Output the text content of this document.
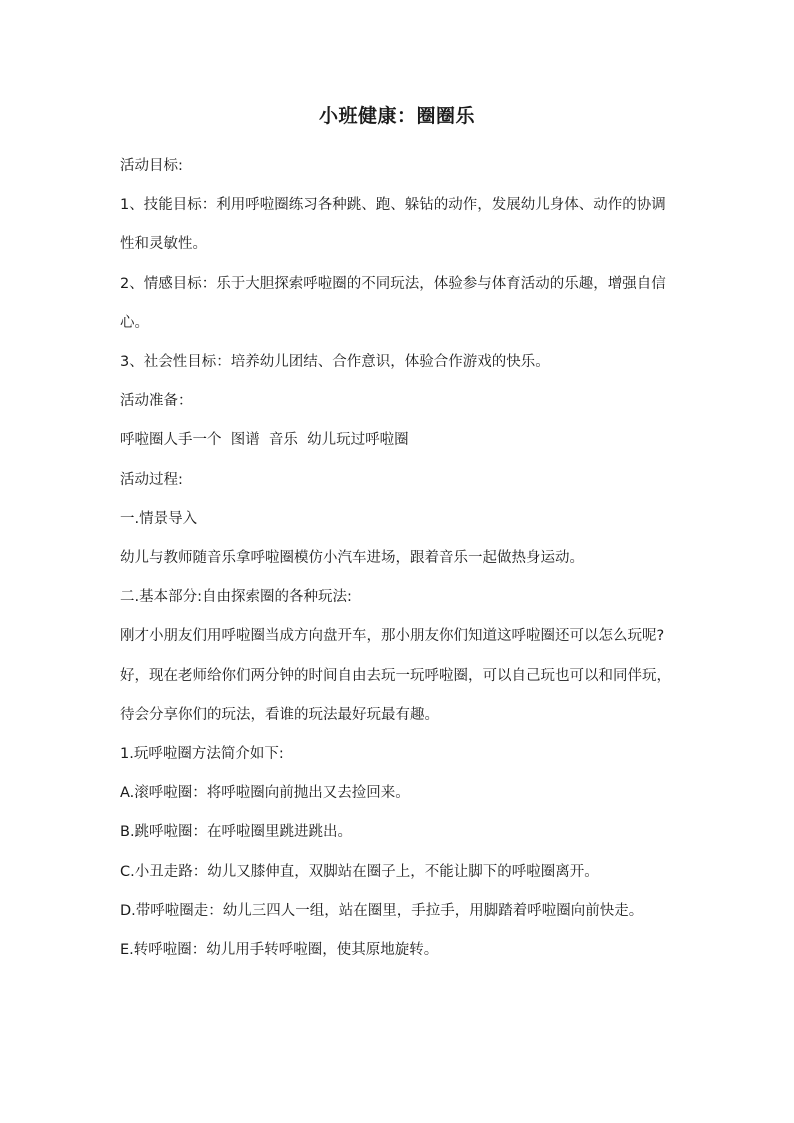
小班健康：圈圈乐

活动目标:

1、技能目标：利用呼啦圈练习各种跳、跑、躲钻的动作，发展幼儿身体、动作的协调性和灵敏性。

2、情感目标：乐于大胆探索呼啦圈的不同玩法，体验参与体育活动的乐趣，增强自信心。

3、社会性目标：培养幼儿团结、合作意识，体验合作游戏的快乐。

活动准备：

呼啦圈人手一个  图谱  音乐  幼儿玩过呼啦圈

活动过程:

一.情景导入

幼儿与教师随音乐拿呼啦圈模仿小汽车进场，跟着音乐一起做热身运动。

二.基本部分:自由探索圈的各种玩法:

刚才小朋友们用呼啦圈当成方向盘开车，那小朋友你们知道这呼啦圈还可以怎么玩呢?好，现在老师给你们两分钟的时间自由去玩一玩呼啦圈，可以自己玩也可以和同伴玩，待会分享你们的玩法，看谁的玩法最好玩最有趣。

1.玩呼啦圈方法简介如下:

A.滚呼啦圈：将呼啦圈向前抛出又去捡回来。

B.跳呼啦圈：在呼啦圈里跳进跳出。

C.小丑走路：幼儿又膝伸直，双脚站在圈子上，不能让脚下的呼啦圈离开。

D.带呼啦圈走：幼儿三四人一组，站在圈里，手拉手，用脚踏着呼啦圈向前快走。

E.转呼啦圈：幼儿用手转呼啦圈，使其原地旋转。
